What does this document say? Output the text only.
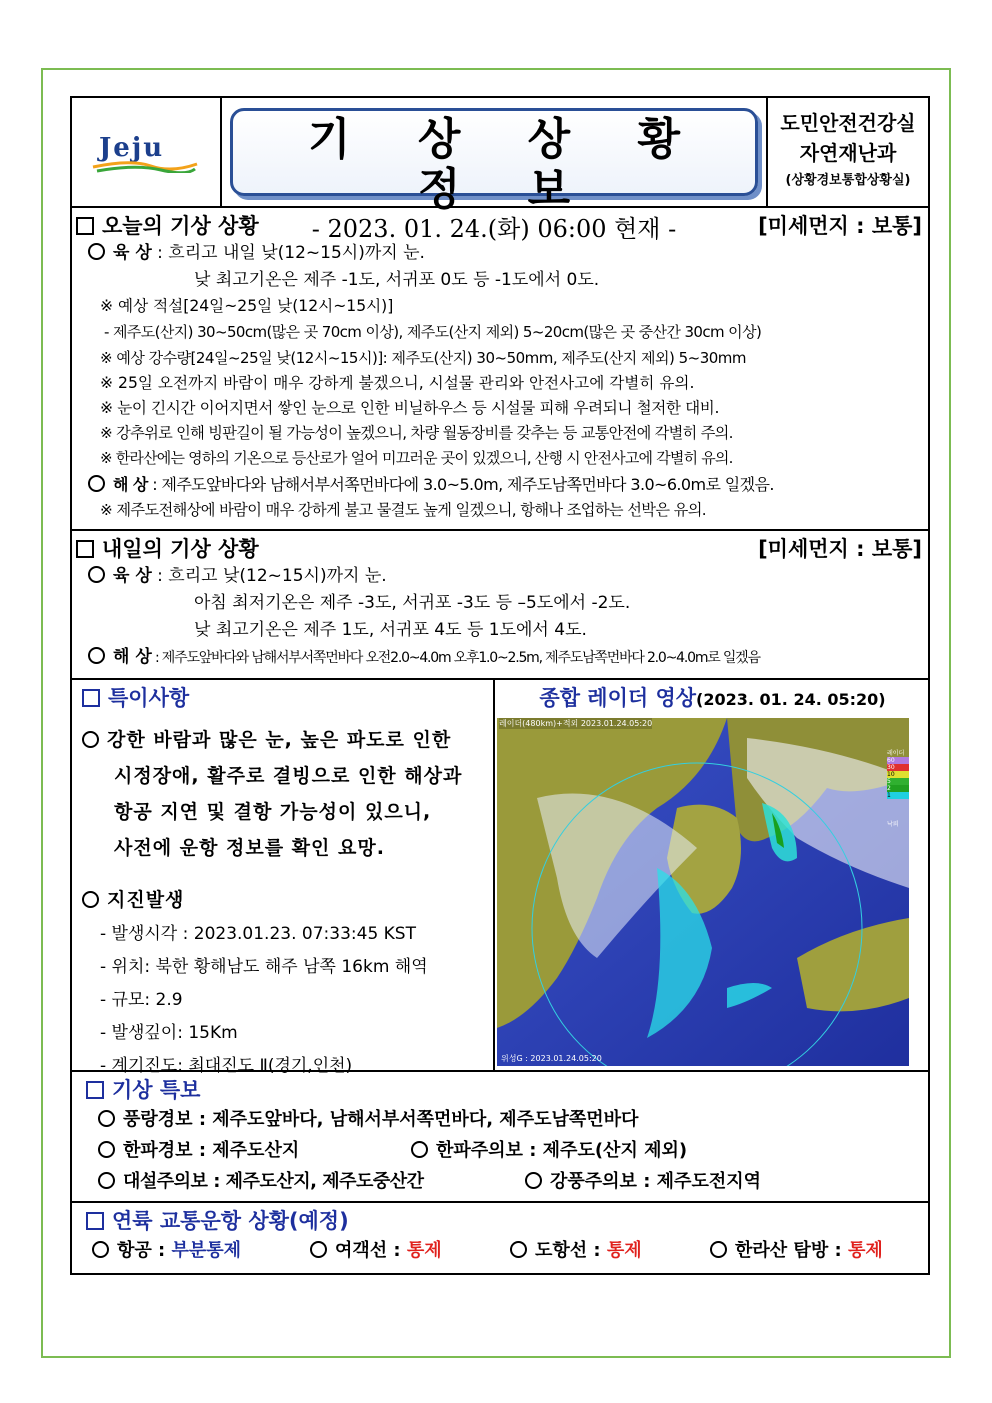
Jeju	기 상 상 황 정 보
- 2023. 01. 24.(화) 06:00 현재 -
도민안전건강실
자연재난과
(상황경보통합상황실)
오늘의 기상 상황	[미세먼지 : 보통]
육 상 : 흐리고 내일 낮(12~15시)까지 눈.
낮 최고기온은 제주 -1도, 서귀포 0도 등 -1도에서 0도.
※ 예상 적설[24일~25일 낮(12시~15시)]
- 제주도(산지) 30~50cm(많은 곳 70cm 이상), 제주도(산지 제외) 5~20cm(많은 곳 중산간 30cm 이상)
※ 예상 강수량[24일~25일 낮(12시~15시)]: 제주도(산지) 30~50mm, 제주도(산지 제외) 5~30mm
※ 25일 오전까지 바람이 매우 강하게 불겠으니, 시설물 관리와 안전사고에 각별히 유의.
※ 눈이 긴시간 이어지면서 쌓인 눈으로 인한 비닐하우스 등 시설물 피해 우려되니 철저한 대비.
※ 강추위로 인해 빙판길이 될 가능성이 높겠으니, 차량 월동장비를 갖추는 등 교통안전에 각별히 주의.
※ 한라산에는 영하의 기온으로 등산로가 얼어 미끄러운 곳이 있겠으니, 산행 시 안전사고에 각별히 유의.
해 상 : 제주도앞바다와 남해서부서쪽먼바다에 3.0~5.0m, 제주도남쪽먼바다 3.0~6.0m로 일겠음.
※ 제주도전해상에 바람이 매우 강하게 불고 물결도 높게 일겠으니, 항해나 조업하는 선박은 유의.
내일의 기상 상황	[미세먼지 : 보통]
육 상 : 흐리고 낮(12~15시)까지 눈.
아침 최저기온은 제주 -3도, 서귀포 -3도 등 –5도에서 -2도.
낮 최고기온은 제주 1도, 서귀포 4도 등 1도에서 4도.
해 상 : 제주도앞바다와 남해서부서쪽먼바다 오전2.0~4.0m 오후1.0~2.5m, 제주도남쪽먼바다 2.0~4.0m로 일겠음
특이사항
강한 바람과 많은 눈, 높은 파도로 인한
시정장애, 활주로 결빙으로 인한 해상과
항공 지연 및 결항 가능성이 있으니,
사전에 운항 정보를 확인 요망.
지진발생
- 발생시각 : 2023.01.23. 07:33:45 KST
- 위치: 북한 황해남도 해주 남쪽 16km 해역
- 규모: 2.9
- 발생깊이: 15Km
- 계기진도: 최대진도 Ⅱ(경기,인천)
종합 레이더 영상(2023. 01. 24. 05:20)
레이더(480km)+적외 2023.01.24.05:20
위성G : 2023.01.24.05:20
레이더
60
30
10
5
2
1
낙뢰
기상 특보
풍랑경보 : 제주도앞바다, 남해서부서쪽먼바다, 제주도남쪽먼바다
한파경보 : 제주도산지	한파주의보 : 제주도(산지 제외)
대설주의보 : 제주도산지, 제주도중산간	강풍주의보 : 제주도전지역
연륙 교통운항 상황(예정)
항공 : 부분통제	여객선 : 통제	도항선 : 통제	한라산 탐방 : 통제
